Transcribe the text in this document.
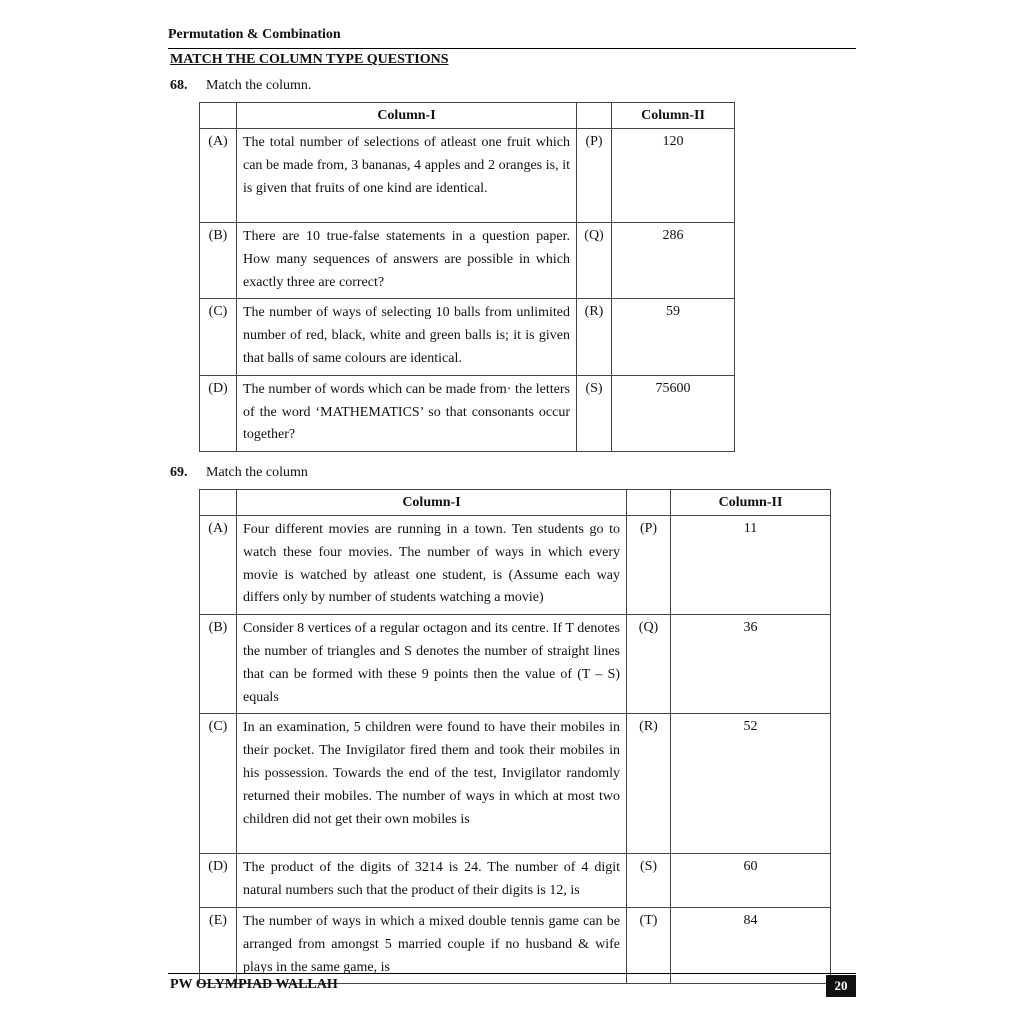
Permutation & Combination
MATCH THE COLUMN TYPE QUESTIONS
68. Match the column.
	Column-I		Column-II
(A)	The total number of selections of atleast one fruit which can be made from, 3 bananas, 4 apples and 2 oranges is, it is given that fruits of one kind are identical.	(P)	120
(B)	There are 10 true-false statements in a question paper. How many sequences of answers are possible in which exactly three are correct?	(Q)	286
(C)	The number of ways of selecting 10 balls from unlimited number of red, black, white and green balls is; it is given that balls of same colours are identical.	(R)	59
(D)	The number of words which can be made from· the letters of the word ‘MATHEMATICS’ so that consonants occur together?	(S)	75600
69. Match the column
	Column-I		Column-II
(A)	Four different movies are running in a town. Ten students go to watch these four movies. The number of ways in which every movie is watched by atleast one student, is (Assume each way differs only by number of students watching a movie)	(P)	11
(B)	Consider 8 vertices of a regular octagon and its centre. If T denotes the number of triangles and S denotes the number of straight lines that can be formed with these 9 points then the value of (T – S) equals	(Q)	36
(C)	In an examination, 5 children were found to have their mobiles in their pocket. The Invigilator fired them and took their mobiles in his possession. Towards the end of the test, Invigilator randomly returned their mobiles. The number of ways in which at most two children did not get their own mobiles is	(R)	52
(D)	The product of the digits of 3214 is 24. The number of 4 digit natural numbers such that the product of their digits is 12, is	(S)	60
(E)	The number of ways in which a mixed double tennis game can be arranged from amongst 5 married couple if no husband & wife plays in the same game, is	(T)	84
PW OLYMPIAD WALLAH	20
